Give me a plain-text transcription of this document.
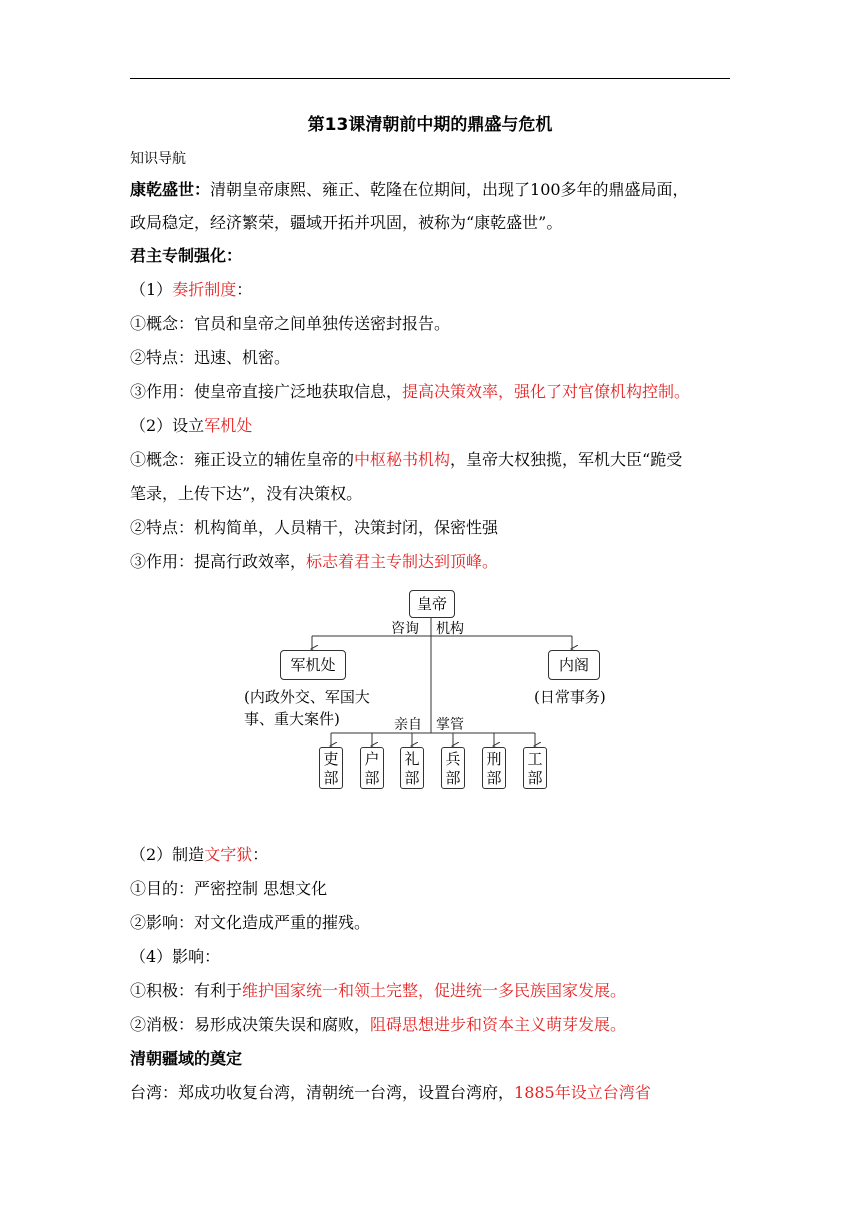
第13课清朝前中期的鼎盛与危机
知识导航
康乾盛世：清朝皇帝康熙、雍正、乾隆在位期间，出现了100多年的鼎盛局面，
政局稳定，经济繁荣，疆域开拓并巩固，被称为“康乾盛世”。
君主专制强化：
（1）奏折制度：
①概念：官员和皇帝之间单独传送密封报告。
②特点：迅速、机密。
③作用：使皇帝直接广泛地获取信息，提高决策效率，强化了对官僚机构控制。
（2）设立军机处
①概念：雍正设立的辅佐皇帝的中枢秘书机构，皇帝大权独揽，军机大臣“跪受
笔录，上传下达”，没有决策权。
②特点：机构简单，人员精干，决策封闭，保密性强
③作用：提高行政效率，标志着君主专制达到顶峰。
皇帝
咨询 机构
军机处
(内政外交、军国大
事、重大案件)
内阁
(日常事务)
亲自 掌管
吏
部
户
部
礼
部
兵
部
刑
部
工
部
（2）制造文字狱：
①目的：严密控制 思想文化
②影响：对文化造成严重的摧残。
（4）影响：
①积极：有利于维护国家统一和领土完整，促进统一多民族国家发展。
②消极：易形成决策失误和腐败，阻碍思想进步和资本主义萌芽发展。
清朝疆域的奠定
台湾：郑成功收复台湾，清朝统一台湾，设置台湾府，1885年设立台湾省
